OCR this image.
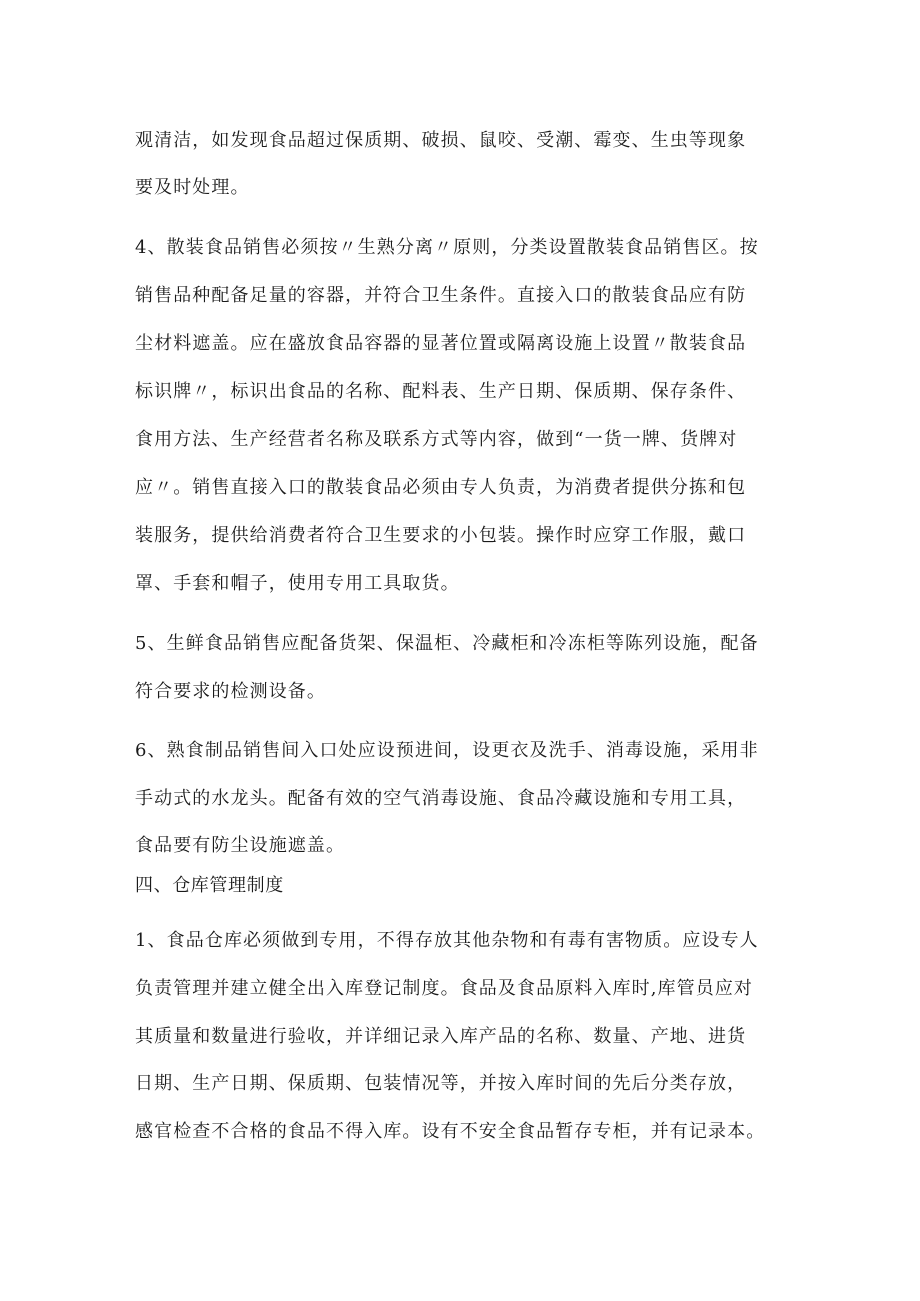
观清洁，如发现食品超过保质期、破损、鼠咬、受潮、霉变、生虫等现象
要及时处理。
4、散装食品销售必须按〃生熟分离〃原则，分类设置散装食品销售区。按
销售品种配备足量的容器，并符合卫生条件。直接入口的散装食品应有防
尘材料遮盖。应在盛放食品容器的显著位置或隔离设施上设置〃散装食品
标识牌〃，标识出食品的名称、配料表、生产日期、保质期、保存条件、
食用方法、生产经营者名称及联系方式等内容，做到“一货一牌、货牌对
应〃。销售直接入口的散装食品必须由专人负责，为消费者提供分拣和包
装服务，提供给消费者符合卫生要求的小包装。操作时应穿工作服，戴口
罩、手套和帽子，使用专用工具取货。
5、生鲜食品销售应配备货架、保温柜、冷藏柜和冷冻柜等陈列设施，配备
符合要求的检测设备。
6、熟食制品销售间入口处应设预进间，设更衣及洗手、消毒设施，采用非
手动式的水龙头。配备有效的空气消毒设施、食品冷藏设施和专用工具，
食品要有防尘设施遮盖。
四、仓库管理制度
1、食品仓库必须做到专用，不得存放其他杂物和有毒有害物质。应设专人
负责管理并建立健全出入库登记制度。食品及食品原料入库时,库管员应对
其质量和数量进行验收，并详细记录入库产品的名称、数量、产地、进货
日期、生产日期、保质期、包装情况等，并按入库时间的先后分类存放，
感官检查不合格的食品不得入库。设有不安全食品暂存专柜，并有记录本。
